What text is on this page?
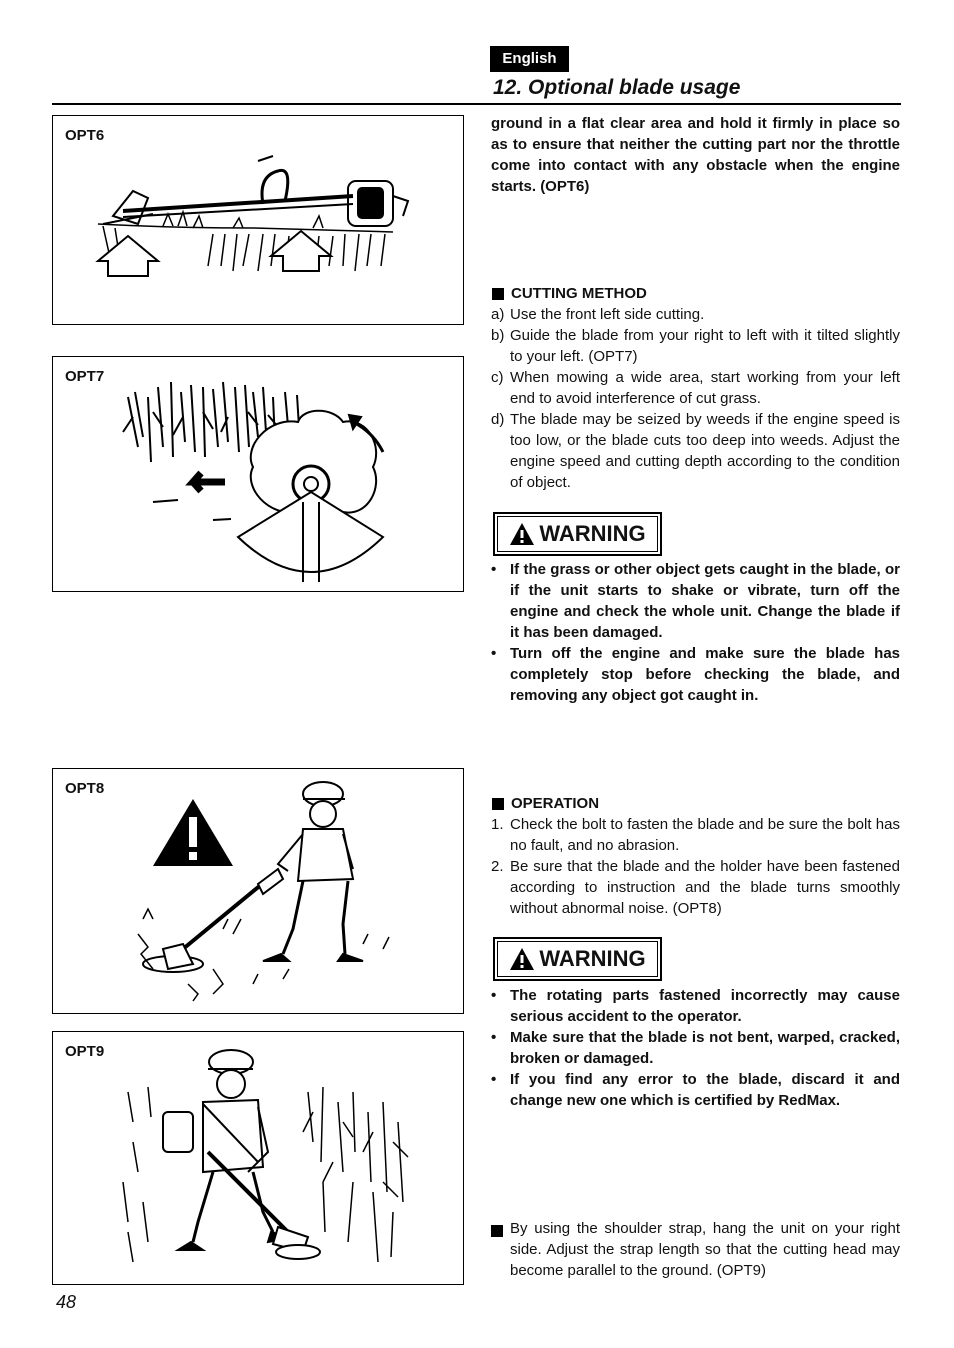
English
12. Optional blade usage
OPT6
OPT7
OPT8
OPT9
ground in a flat clear area and hold it firmly in place so as to ensure that neither the cutting part nor the throttle come into contact with any obstacle when the engine starts. (OPT6)
CUTTING METHOD
a) Use the front left side cutting.
b) Guide the blade from your right to left with it tilted slightly to your left. (OPT7)
c) When mowing a wide area, start working from your left end to avoid interference of cut grass.
d) The blade may be seized by weeds if the engine speed is too low, or the blade cuts too deep into weeds. Adjust the engine speed and cutting depth according to the condition of object.
WARNING
• If the grass or other object gets caught in the blade, or if the unit starts to shake or vibrate, turn off the engine and check the whole unit. Change the blade if it has been damaged.
• Turn off the engine and make sure the blade has completely stop before checking the blade, and removing any object got caught in.
OPERATION
1. Check the bolt to fasten the blade and be sure the bolt has no fault, and no abrasion.
2. Be sure that the blade and the holder have been fastened according to instruction and the blade turns smoothly without abnormal noise. (OPT8)
WARNING
• The rotating parts fastened incorrectly may cause serious accident to the operator.
• Make sure that the blade is not bent, warped, cracked, broken or damaged.
• If you find any error to the blade, discard it and change new one which is certified by RedMax.
By using the shoulder strap, hang the unit on your right side. Adjust the strap length so that the cutting head may become parallel to the ground. (OPT9)
48
